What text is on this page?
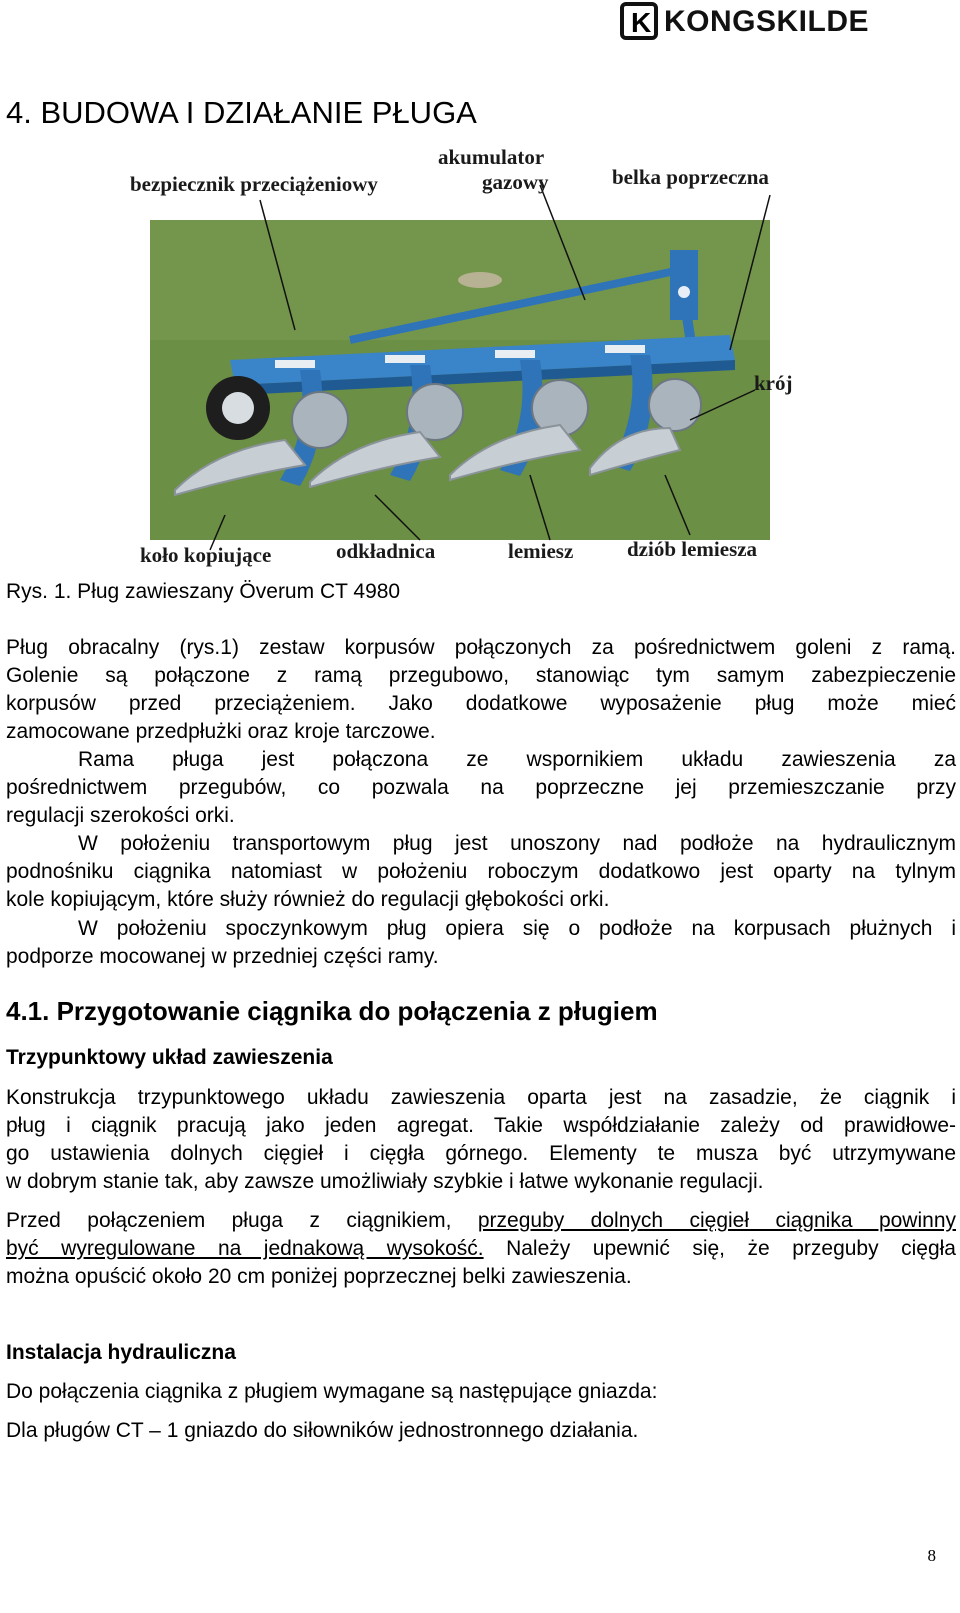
K KONGSKILDE
4. BUDOWA I DZIAŁANIE PŁUGA
bezpiecznik przeciążeniowy
akumulator
gazowy	belka poprzeczna
krój
koło kopiujące	odkładnica	lemiesz	dziób lemiesza

Rys. 1. Pług zawieszany Överum CT 4980

Pług obracalny (rys.1) zestaw korpusów połączonych za pośrednictwem goleni z ramą.
Golenie są połączone z ramą przegubowo, stanowiąc tym samym zabezpieczenie
korpusów przed przeciążeniem. Jako dodatkowe wyposażenie pług może mieć
zamocowane przedpłużki oraz kroje tarczowe.
Rama pługa jest połączona ze wspornikiem układu zawieszenia za
pośrednictwem przegubów, co pozwala na poprzeczne jej przemieszczanie przy
regulacji szerokości orki.
W położeniu transportowym pług jest unoszony nad podłoże na hydraulicznym
podnośniku ciągnika natomiast w położeniu roboczym dodatkowo jest oparty na tylnym
kole kopiującym, które służy również do regulacji głębokości orki.
W położeniu spoczynkowym pług opiera się o podłoże na korpusach płużnych i
podporze mocowanej w przedniej części ramy.
4.1. Przygotowanie ciągnika do połączenia z pługiem
Trzypunktowy układ zawieszenia
Konstrukcja trzypunktowego układu zawieszenia oparta jest na zasadzie, że ciągnik i
pług i ciągnik pracują jako jeden agregat. Takie współdziałanie zależy od prawidłowe-
go ustawienia dolnych cięgieł i cięgła górnego. Elementy te musza być utrzymywane
w dobrym stanie tak, aby zawsze umożliwiały szybkie i łatwe wykonanie regulacji.
Przed połączeniem pługa z ciągnikiem, przeguby dolnych cięgieł ciągnika powinny
być wyregulowane na jednakową wysokość. Należy upewnić się, że przeguby cięgła
można opuścić około 20 cm poniżej poprzecznej belki zawieszenia.
Instalacja hydrauliczna

Do połączenia ciągnika z pługiem wymagane są następujące gniazda:

Dla pługów CT – 1 gniazdo do siłowników jednostronnego działania.

8
